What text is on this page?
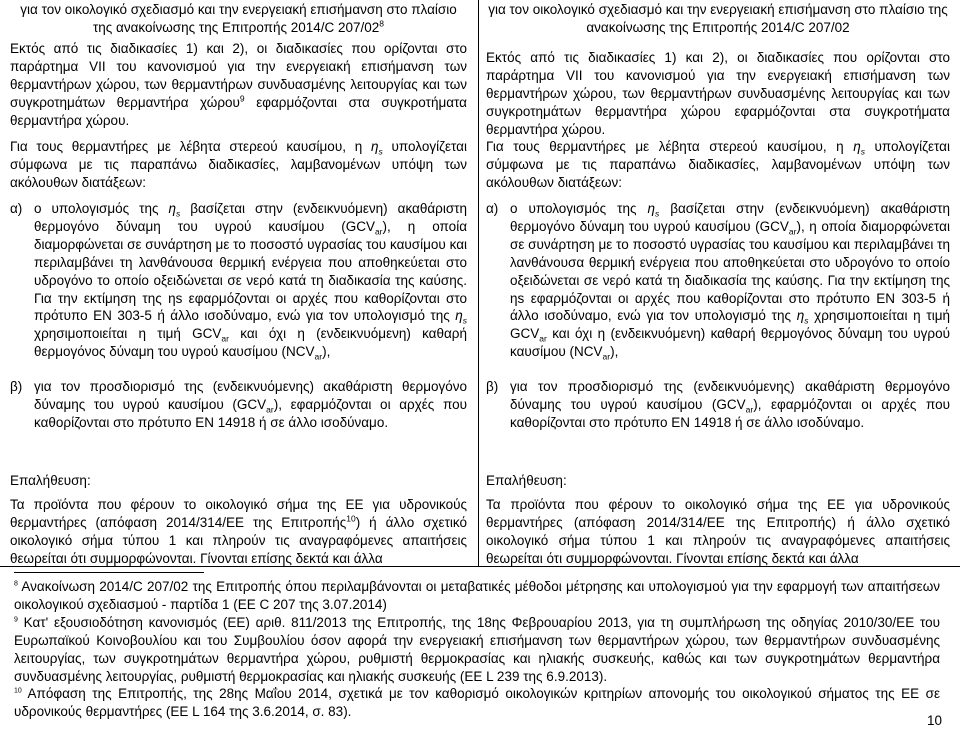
για τον οικολογικό σχεδιασμό και την ενεργειακή επισήμανση στο πλαίσιο της ανακοίνωσης της Επιτροπής 2014/C $207/02^8$

Εκτός από τις διαδικασίες 1) και 2), οι διαδικασίες που ορίζονται στο παράρτημα VII του κανονισμού για την ενεργειακή επισήμανση των θερμαντήρων χώρου, των θερμαντήρων συνδυασμένης λειτουργίας και των συγκροτημάτων θερμαντήρα χώρου$^9$ εφαρμόζονται στα συγκροτήματα θερμαντήρα χώρου.

Για τους θερμαντήρες με λέβητα στερεού καυσίμου, η $\eta_s$ υπολογίζεται σύμφωνα με τις παραπάνω διαδικασίες, λαμβανομένων υπόψη των ακόλουθων διατάξεων:

α) ο υπολογισμός της $\eta_s$ βασίζεται στην (ενδεικνυόμενη) ακαθάριστη θερμογόνο δύναμη του υγρού καυσίμου $(GCV_{ar})$, η οποία διαμορφώνεται σε συνάρτηση με το ποσοστό υγρασίας του καυσίμου και περιλαμβάνει τη λανθάνουσα θερμική ενέργεια που αποθηκεύεται στο υδρογόνο το οποίο οξειδώνεται σε νερό κατά τη διαδικασία της καύσης. Για την εκτίμηση της ηs εφαρμόζονται οι αρχές που καθορίζονται στο πρότυπο EN 303-5 ή άλλο ισοδύναμο, ενώ για τον υπολογισμό της $\eta_s$ χρησιμοποιείται η τιμή $GCV_{ar}$ και όχι η (ενδεικνυόμενη) καθαρή θερμογόνος δύναμη του υγρού καυσίμου $(NCV_{ar})$,

β) για τον προσδιορισμό της (ενδεικνυόμενης) ακαθάριστη θερμογόνο δύναμης του υγρού καυσίμου $(GCV_{ar})$, εφαρμόζονται οι αρχές που καθορίζονται στο πρότυπο EN 14918 ή σε άλλο ισοδύναμο.

Επαλήθευση:

Τα προϊόντα που φέρουν το οικολογικό σήμα της ΕΕ για υδρονικούς θερμαντήρες (απόφαση 2014/314/ΕΕ της Επιτροπής$^{10}$) ή άλλο σχετικό οικολογικό σήμα τύπου 1 και πληρούν τις αναγραφόμενες απαιτήσεις θεωρείται ότι συμμορφώνονται. Γίνονται επίσης δεκτά και άλλα

για τον οικολογικό σχεδιασμό και την ενεργειακή επισήμανση στο πλαίσιο της ανακοίνωσης της Επιτροπής 2014/C 207/02

Εκτός από τις διαδικασίες 1) και 2), οι διαδικασίες που ορίζονται στο παράρτημα VII του κανονισμού για την ενεργειακή επισήμανση των θερμαντήρων χώρου, των θερμαντήρων συνδυασμένης λειτουργίας και των συγκροτημάτων θερμαντήρα χώρου εφαρμόζονται στα συγκροτήματα θερμαντήρα χώρου.

Για τους θερμαντήρες με λέβητα στερεού καυσίμου, η $\eta_s$ υπολογίζεται σύμφωνα με τις παραπάνω διαδικασίες, λαμβανομένων υπόψη των ακόλουθων διατάξεων:

α) ο υπολογισμός της $\eta_s$ βασίζεται στην (ενδεικνυόμενη) ακαθάριστη θερμογόνο δύναμη του υγρού καυσίμου $(GCV_{ar})$, η οποία διαμορφώνεται σε συνάρτηση με το ποσοστό υγρασίας του καυσίμου και περιλαμβάνει τη λανθάνουσα θερμική ενέργεια που αποθηκεύεται στο υδρογόνο το οποίο οξειδώνεται σε νερό κατά τη διαδικασία της καύσης. Για την εκτίμηση της ηs εφαρμόζονται οι αρχές που καθορίζονται στο πρότυπο EN 303-5 ή άλλο ισοδύναμο, ενώ για τον υπολογισμό της $\eta_s$ χρησιμοποιείται η τιμή $GCV_{ar}$ και όχι η (ενδεικνυόμενη) καθαρή θερμογόνος δύναμη του υγρού καυσίμου $(NCV_{ar})$,

β) για τον προσδιορισμό της (ενδεικνυόμενης) ακαθάριστη θερμογόνο δύναμης του υγρού καυσίμου $(GCV_{ar})$, εφαρμόζονται οι αρχές που καθορίζονται στο πρότυπο EN 14918 ή σε άλλο ισοδύναμο.

Επαλήθευση:

Τα προϊόντα που φέρουν το οικολογικό σήμα της ΕΕ για υδρονικούς θερμαντήρες (απόφαση 2014/314/ΕΕ της Επιτροπής) ή άλλο σχετικό οικολογικό σήμα τύπου 1 και πληρούν τις αναγραφόμενες απαιτήσεις θεωρείται ότι συμμορφώνονται. Γίνονται επίσης δεκτά και άλλα

$^8$ Ανακοίνωση 2014/C 207/02 της Επιτροπής όπου περιλαμβάνονται οι μεταβατικές μέθοδοι μέτρησης και υπολογισμού για την εφαρμογή των απαιτήσεων οικολογικού σχεδιασμού - παρτίδα 1 (ΕΕ C 207 της 3.07.2014)

$^9$ Κατ' εξουσιοδότηση κανονισμός (ΕΕ) αριθ. 811/2013 της Επιτροπής, της 18ης Φεβρουαρίου 2013, για τη συμπλήρωση της οδηγίας 2010/30/ΕΕ του Ευρωπαϊκού Κοινοβουλίου και του Συμβουλίου όσον αφορά την ενεργειακή επισήμανση των θερμαντήρων χώρου, των θερμαντήρων συνδυασμένης λειτουργίας, των συγκροτημάτων θερμαντήρα χώρου, ρυθμιστή θερμοκρασίας και ηλιακής συσκευής, καθώς και των συγκροτημάτων θερμαντήρα συνδυασμένης λειτουργίας, ρυθμιστή θερμοκρασίας και ηλιακής συσκευής (ΕΕ L 239 της 6.9.2013).

$^{10}$ Απόφαση της Επιτροπής, της 28ης Μαΐου 2014, σχετικά με τον καθορισμό οικολογικών κριτηρίων απονομής του οικολογικού σήματος της ΕΕ σε υδρονικούς θερμαντήρες (ΕΕ L 164 της 3.6.2014, σ. 83).

10
